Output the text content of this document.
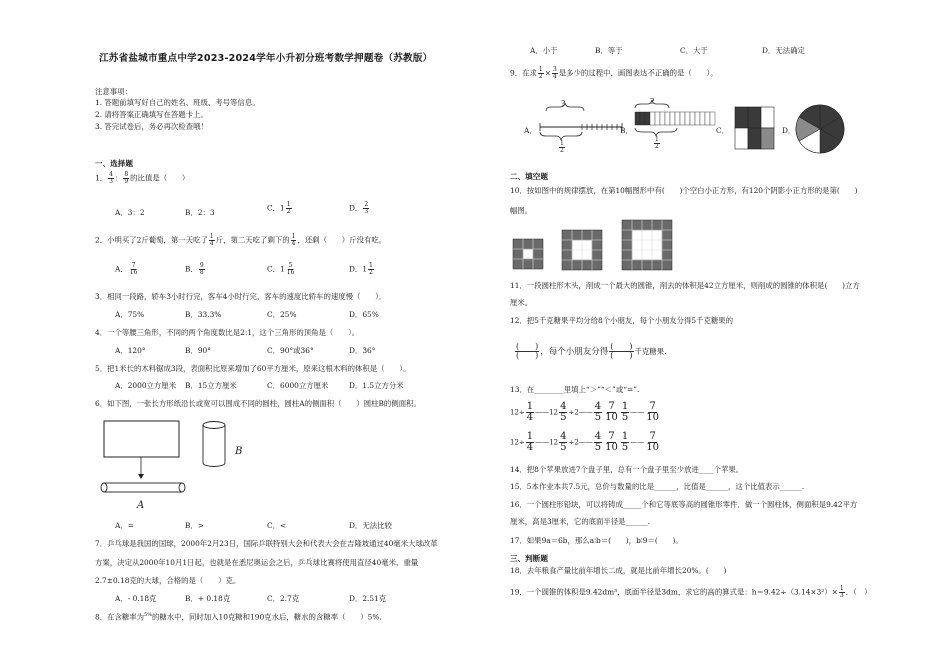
江苏省盐城市重点中学2023-2024学年小升初分班考数学押题卷（苏教版）
注意事项：
1. 答题前填写好自己的姓名、班级、考号等信息。
2. 请将答案正确填写在答题卡上。
3. 答完试卷后，务必再次检查哦！
一、选择题
1． $\frac{4}{3}$ ： $\frac{8}{9}$ 的比值是（　　）
A．3：2	B．2：3	C．$1 \frac{1}{2}$	D． $\frac{2}{3}$
2．小明买了2斤葡萄，第一天吃了 $\frac{1}{4}$ 斤，第二天吃了剩下的 $\frac{1}{4}$ ，还剩（　　）斤没有吃。
A． $\frac{7}{16}$	B． $\frac{9}{8}$	C．$1 \frac{5}{16}$	D．$1 \frac{1}{2}$
3．相同一段路，轿车3小时行完，客车4小时行完，客车的速度比轿车的速度慢（　　）．
A．75%	B．33.3%	C．25%	D．65%
4．一个等腰三角形，不同的两个角度数比是2:1，这个三角形的顶角是（　　）。
A．120°	B．90°	C．90°或36°	D．36°
5．把1米长的木料锯成3段，表面积比原来增加了60平方厘米，原来这根木料的体积是（　　）。
A．2000立方厘米 B．15立方厘米	C．6000立方厘米	D．1.5立方分米
6．如下图，一张长方形纸沿长或宽可以围成不同的圆柱，圆柱A的侧面积（　　）圆柱B的侧面积。
B
A
A．=	B．>	C．<	D．无法比较
7．乒乓球是我国的国球，2000年2月23日，国际乒联特别大会和代表大会在吉隆坡通过40毫米大球改革
方案，决定从2000年10月1日起，也就是在悉尼奥运会之后，乒乓球比赛将使用直径40毫米、重量
2.7±0.18克的大球，合格的是（　　）克。
A．- 0.18克	B．+ 0.18克	C．2.7克	D．2.51克
8．在含糖率为$^{5\%}$的糖水中，同时加入10克糖和190克水后，糖水的含糖率（　　）5%.
A．小于	B．等于	C．大于	D．无法确定
9．在求 $\frac{1}{2} \times \frac{3}{4}$ 是多少的过程中，画图表达不正确的是（　　）。
A．
?
$\frac{1}{2}$
B．
?
$\frac{1}{2}$
C．	D．
二、填空题
10．按如图中的规律摆放，在第10幅图形中有(　　)个空白小正方形，有120个阴影小正方形的是第(　　)
幅图。
11．一段圆柱形木头，削成一个最大的圆锥，削去的体积是42立方厘米，则削成的圆锥的体积是(　　)立方
厘米。
12．把5千克糖果平均分给8个小朋友，每个小朋友分得5千克糖果的
$\frac{( )}{( )}$ ，每个小朋友分得 $\frac{( )}{( )}$ 千克糖果.
13．在________里填上“＞”“＜”或“=”.
$12\div \frac{1}{4}$ ——12 $\frac{4}{5}$ ÷2—— $\frac{4}{5} \frac{7}{10} \frac{1}{5}$ —— $\frac{7}{10}$
$12\div \frac{1}{4}$ ——12 $\frac{4}{5}$ ÷2—— $\frac{4}{5} \frac{7}{10} \frac{1}{5}$ —— $\frac{7}{10}$
14．把8个苹果放进7个盘子里，总有一个盘子里至少放进____个苹果。
15．5本作业本共7.5元，总价与数量的比是______，比值是______，这个比值表示______.
16．一个圆柱形铅块，可以将铸成_____个和它等底等高的圆锥形零件．做一个圆柱体，侧面积是9.42平方
厘米，高是3厘米，它的底面半径是______.
17．如果9a＝6b，那么a∶b＝(　　)，b∶9＝(　　)。
三、判断题
18．去年粮食产量比前年增长二成，就是比前年增长20%。(　　)
19．一个圆锥的体积是9.42dm³，底面半径是3dm，求它的高的算式是：$h=9.42\div(3.14\times 3^2)\times \frac{1}{3}$ ．（　）
